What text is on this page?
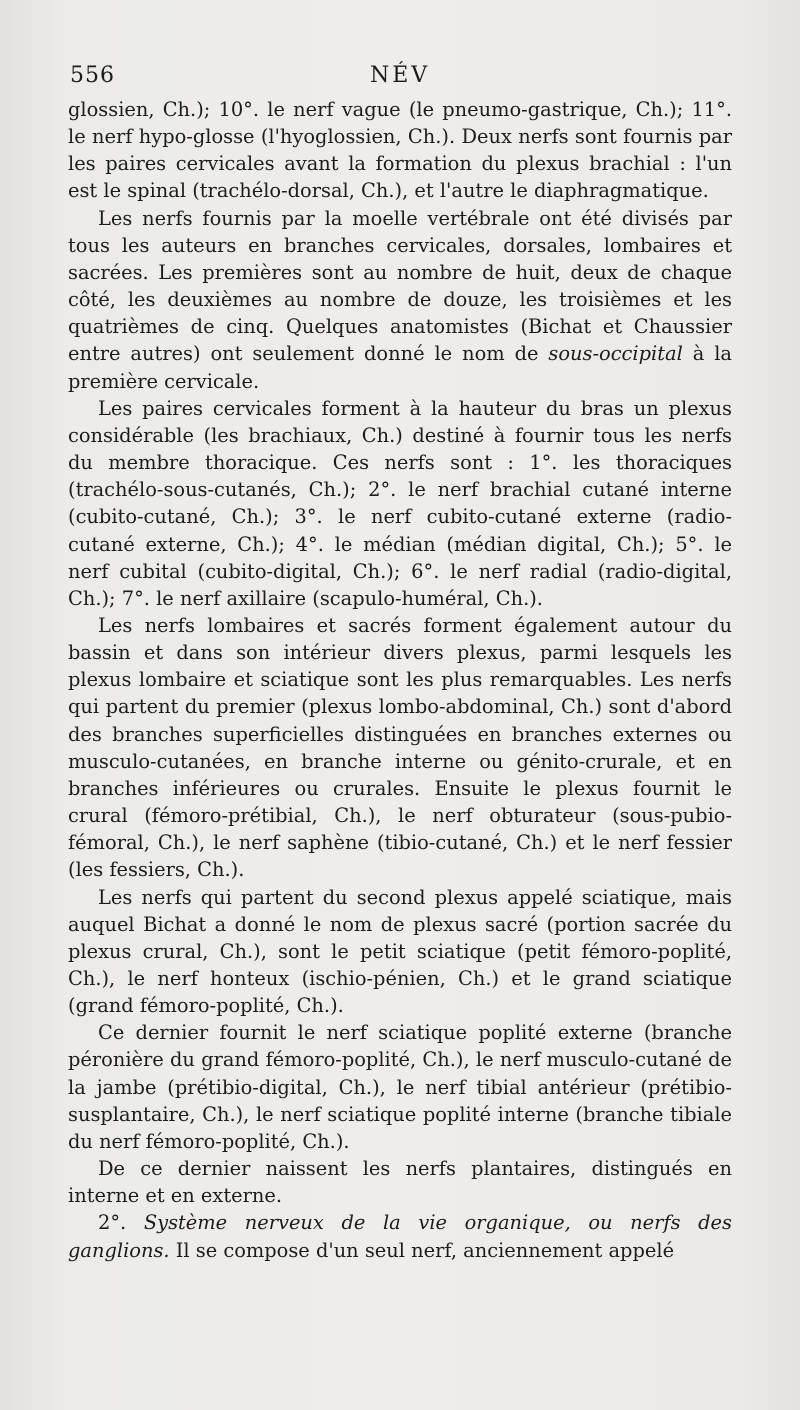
556	NÉV

glossien, Ch.); 10°. le nerf vague (le pneumo-gastrique, Ch.); 11°. le nerf hypo-glosse (l'hyoglossien, Ch.). Deux nerfs sont fournis par les paires cervicales avant la formation du plexus brachial : l'un est le spinal (trachélo-dorsal, Ch.), et l'autre le diaphragmatique.

Les nerfs fournis par la moelle vertébrale ont été divisés par tous les auteurs en branches cervicales, dorsales, lombaires et sacrées. Les premières sont au nombre de huit, deux de chaque côté, les deuxièmes au nombre de douze, les troisièmes et les quatrièmes de cinq. Quelques anatomistes (Bichat et Chaussier entre autres) ont seulement donné le nom de sous-occipital à la première cervicale.

Les paires cervicales forment à la hauteur du bras un plexus considérable (les brachiaux, Ch.) destiné à fournir tous les nerfs du membre thoracique. Ces nerfs sont : 1°. les thoraciques (trachélo-sous-cutanés, Ch.); 2°. le nerf brachial cutané interne (cubito-cutané, Ch.); 3°. le nerf cubito-cutané externe (radio-cutané externe, Ch.); 4°. le médian (médian digital, Ch.); 5°. le nerf cubital (cubito-digital, Ch.); 6°. le nerf radial (radio-digital, Ch.); 7°. le nerf axillaire (scapulo-huméral, Ch.).

Les nerfs lombaires et sacrés forment également autour du bassin et dans son intérieur divers plexus, parmi lesquels les plexus lombaire et sciatique sont les plus remarquables. Les nerfs qui partent du premier (plexus lombo-abdominal, Ch.) sont d'abord des branches superficielles distinguées en branches externes ou musculo-cutanées, en branche interne ou génito-crurale, et en branches inférieures ou crurales. Ensuite le plexus fournit le crural (fémoro-prétibial, Ch.), le nerf obturateur (sous-pubio-fémoral, Ch.), le nerf saphène (tibio-cutané, Ch.) et le nerf fessier (les fessiers, Ch.).

Les nerfs qui partent du second plexus appelé sciatique, mais auquel Bichat a donné le nom de plexus sacré (portion sacrée du plexus crural, Ch.), sont le petit sciatique (petit fémoro-poplité, Ch.), le nerf honteux (ischio-pénien, Ch.) et le grand sciatique (grand fémoro-poplité, Ch.).

Ce dernier fournit le nerf sciatique poplité externe (branche péronière du grand fémoro-poplité, Ch.), le nerf musculo-cutané de la jambe (prétibio-digital, Ch.), le nerf tibial antérieur (prétibio-susplantaire, Ch.), le nerf sciatique poplité interne (branche tibiale du nerf fémoro-poplité, Ch.).

De ce dernier naissent les nerfs plantaires, distingués en interne et en externe.

2°. Système nerveux de la vie organique, ou nerfs des ganglions. Il se compose d'un seul nerf, anciennement appelé
